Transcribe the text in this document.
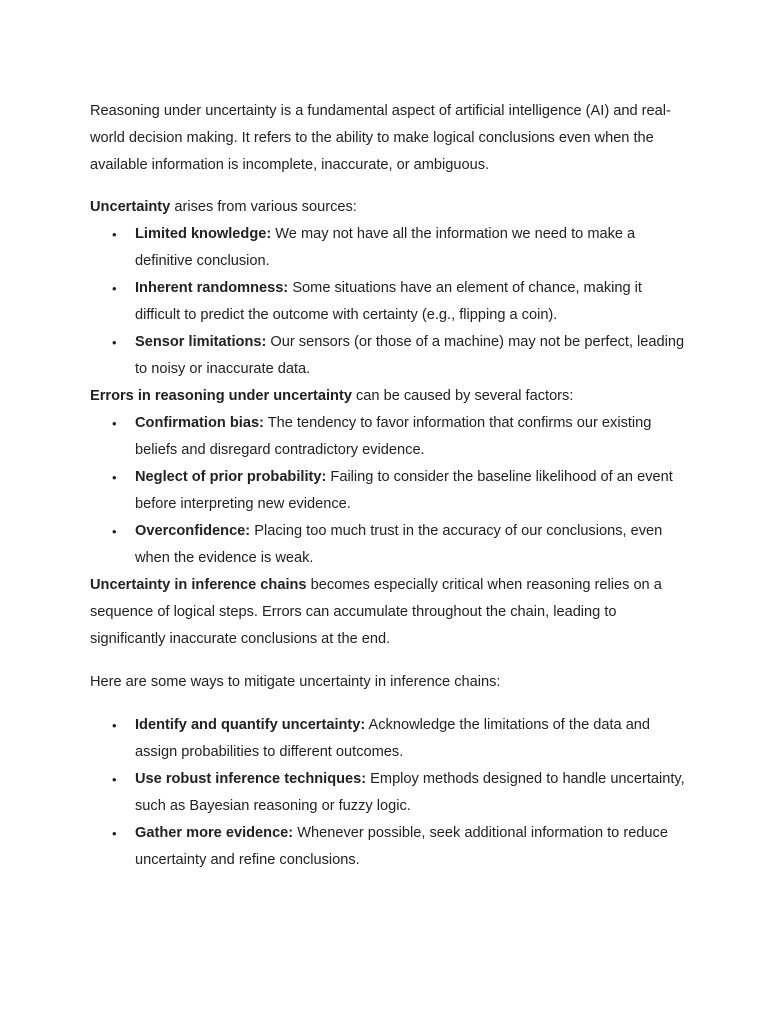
Reasoning under uncertainty is a fundamental aspect of artificial intelligence (AI) and real-world decision making. It refers to the ability to make logical conclusions even when the available information is incomplete, inaccurate, or ambiguous.

Uncertainty arises from various sources:

• Limited knowledge: We may not have all the information we need to make a definitive conclusion.
• Inherent randomness: Some situations have an element of chance, making it difficult to predict the outcome with certainty (e.g., flipping a coin).
• Sensor limitations: Our sensors (or those of a machine) may not be perfect, leading to noisy or inaccurate data.

Errors in reasoning under uncertainty can be caused by several factors:

• Confirmation bias: The tendency to favor information that confirms our existing beliefs and disregard contradictory evidence.
• Neglect of prior probability: Failing to consider the baseline likelihood of an event before interpreting new evidence.
• Overconfidence: Placing too much trust in the accuracy of our conclusions, even when the evidence is weak.

Uncertainty in inference chains becomes especially critical when reasoning relies on a sequence of logical steps. Errors can accumulate throughout the chain, leading to significantly inaccurate conclusions at the end.

Here are some ways to mitigate uncertainty in inference chains:

• Identify and quantify uncertainty: Acknowledge the limitations of the data and assign probabilities to different outcomes.
• Use robust inference techniques: Employ methods designed to handle uncertainty, such as Bayesian reasoning or fuzzy logic.
• Gather more evidence: Whenever possible, seek additional information to reduce uncertainty and refine conclusions.
